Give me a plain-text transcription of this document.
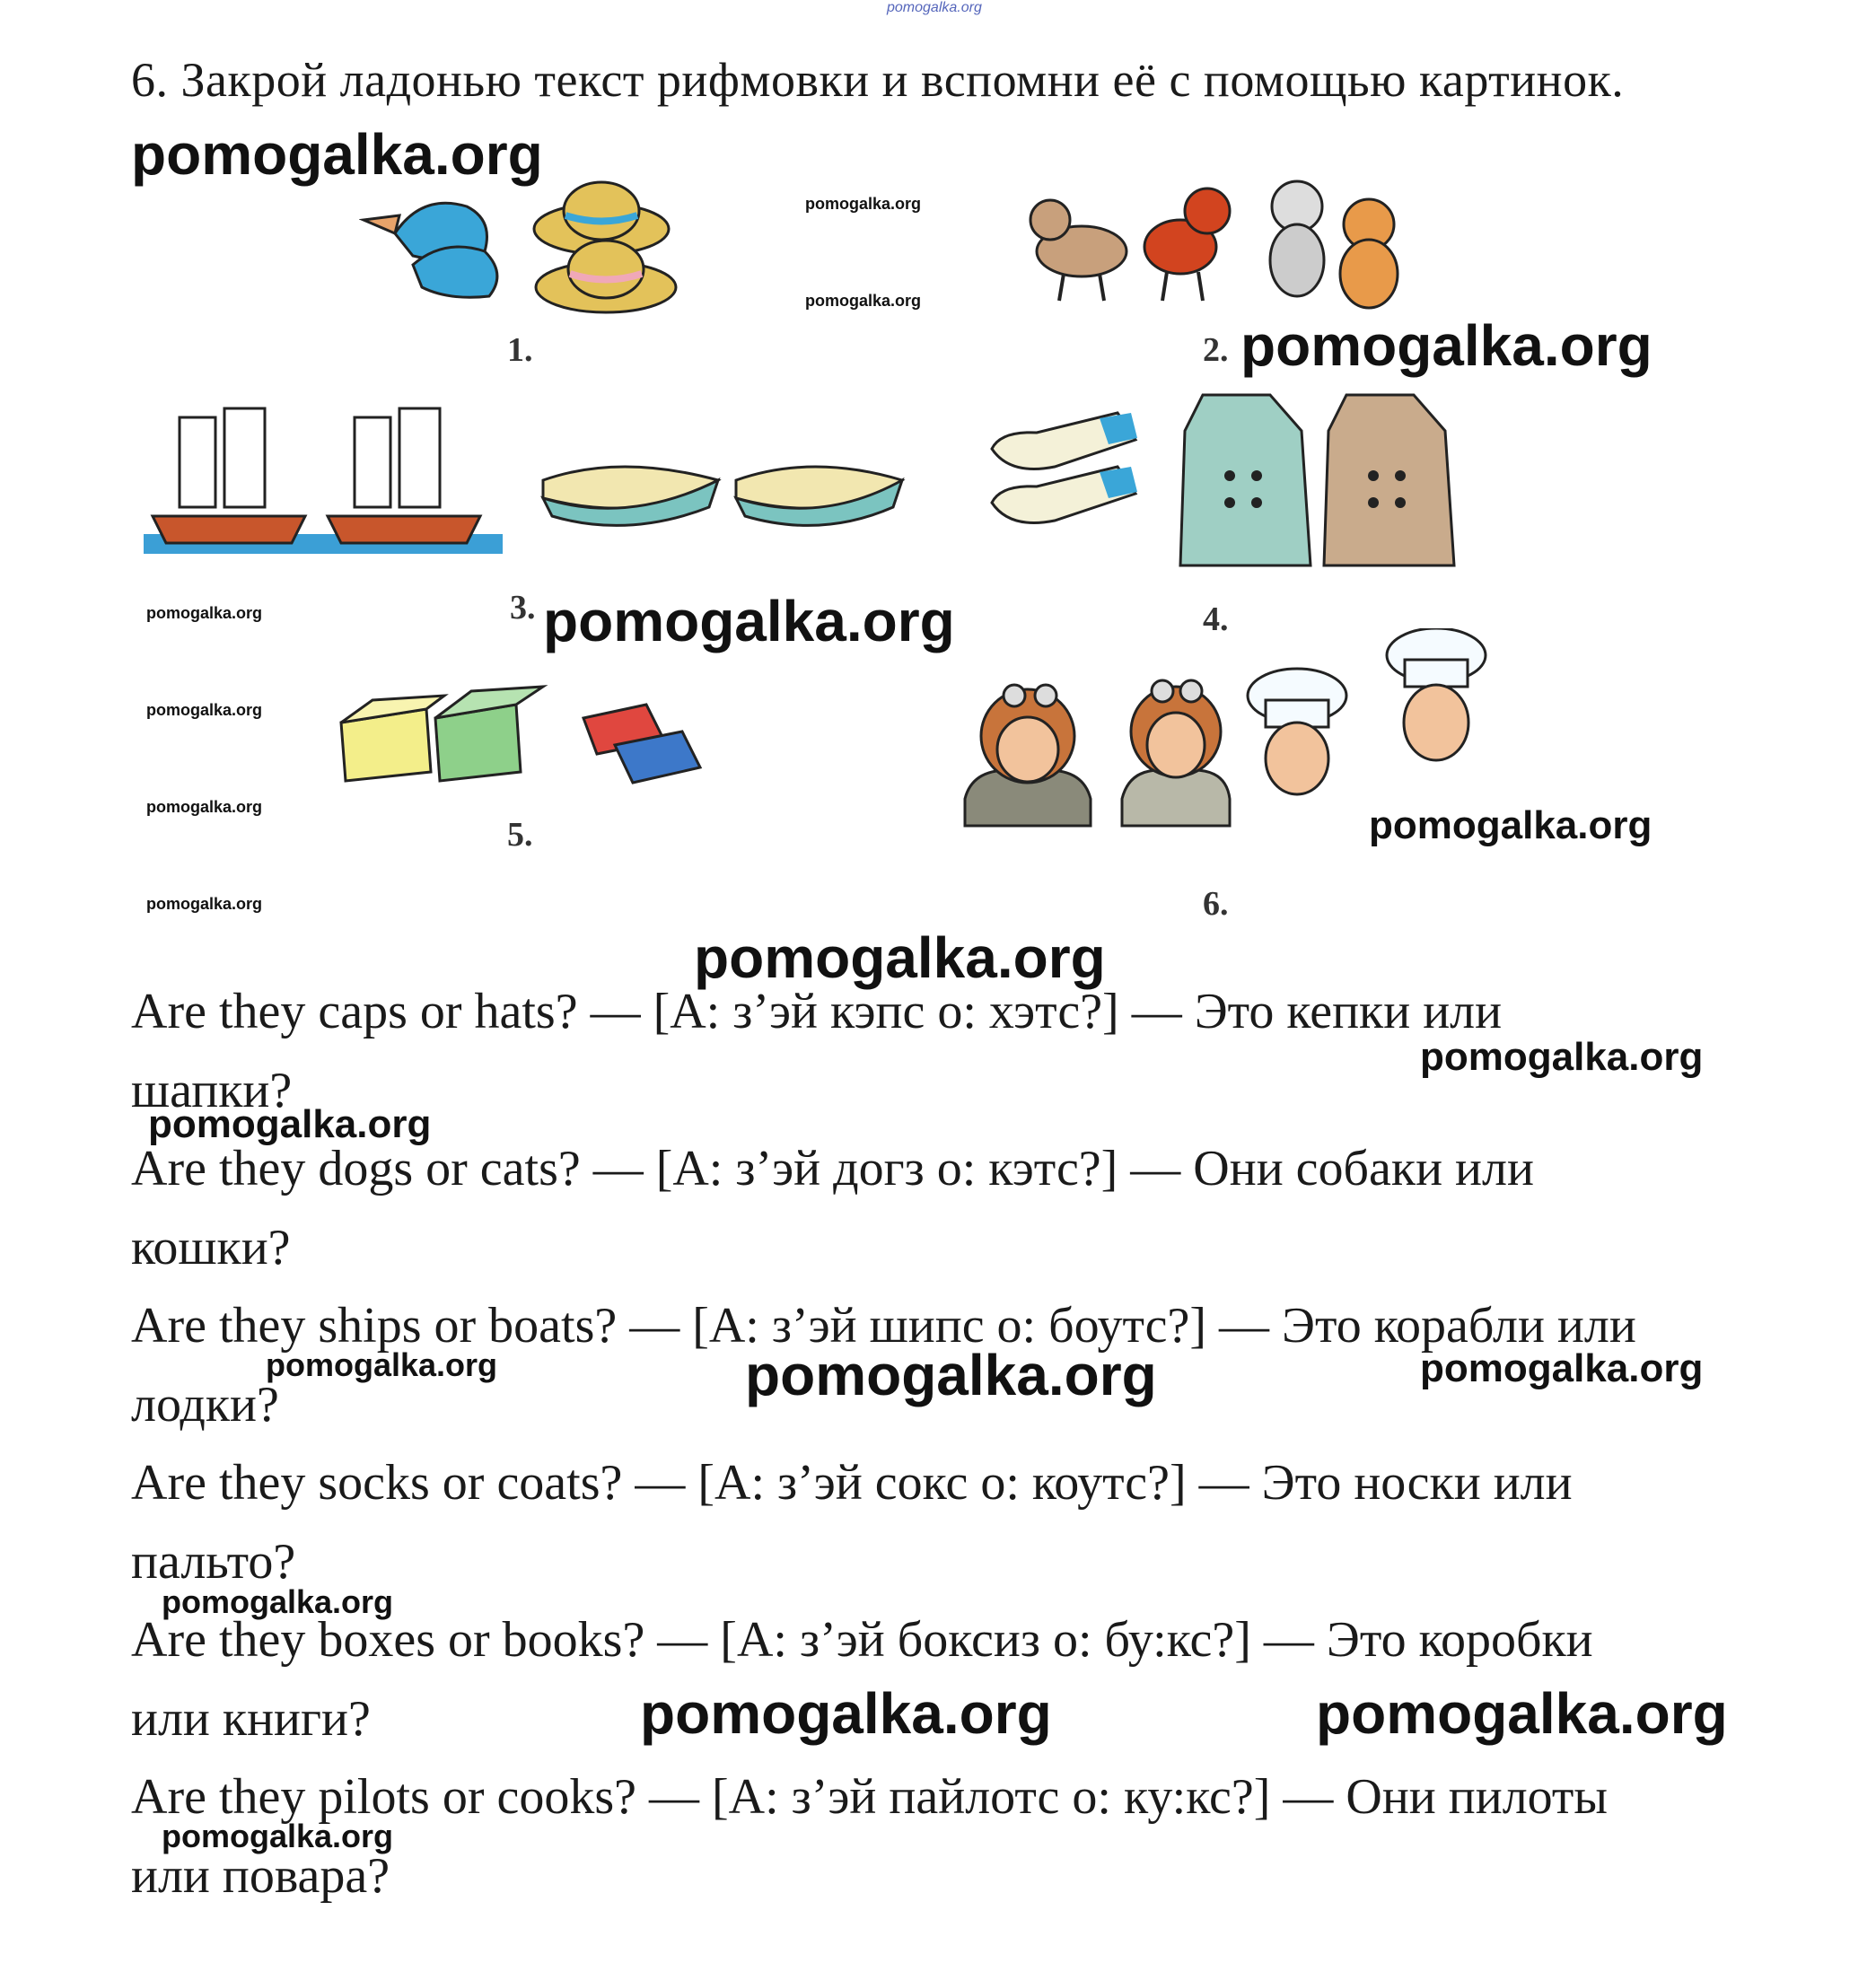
pomogalka.org
6. Закрой ладонью текст рифмовки и вспомни её с помощью картинок.
pomogalka.org
pomogalka.org
pomogalka.org
pomogalka.org
pomogalka.org
pomogalka.org
pomogalka.org
pomogalka.org
pomogalka.org
pomogalka.org
pomogalka.org
pomogalka.org
pomogalka.org
pomogalka.org	pomogalka.org	pomogalka.org
pomogalka.org
pomogalka.org	pomogalka.org
pomogalka.org
1.	2.
3.	4.
5.
6.
Are they caps or hats? — [А: з’эй кэпс о: хэтс?] — Это кепки или
шапки?
Are they dogs or cats? — [А: з’эй догз о: кэтс?] — Они собаки или
кошки?
Are they ships or boats? — [А: з’эй шипс о: боутс?] — Это корабли или
лодки?
Are they socks or coats? — [А: з’эй сокс о: коутс?] — Это носки или
пальто?
Are they boxes or books? — [А: з’эй боксиз о: бу:кс?] — Это коробки
или книги?
Are they pilots or cooks? — [А: з’эй пайлотс о: ку:кс?] — Они пилоты
или повара?
